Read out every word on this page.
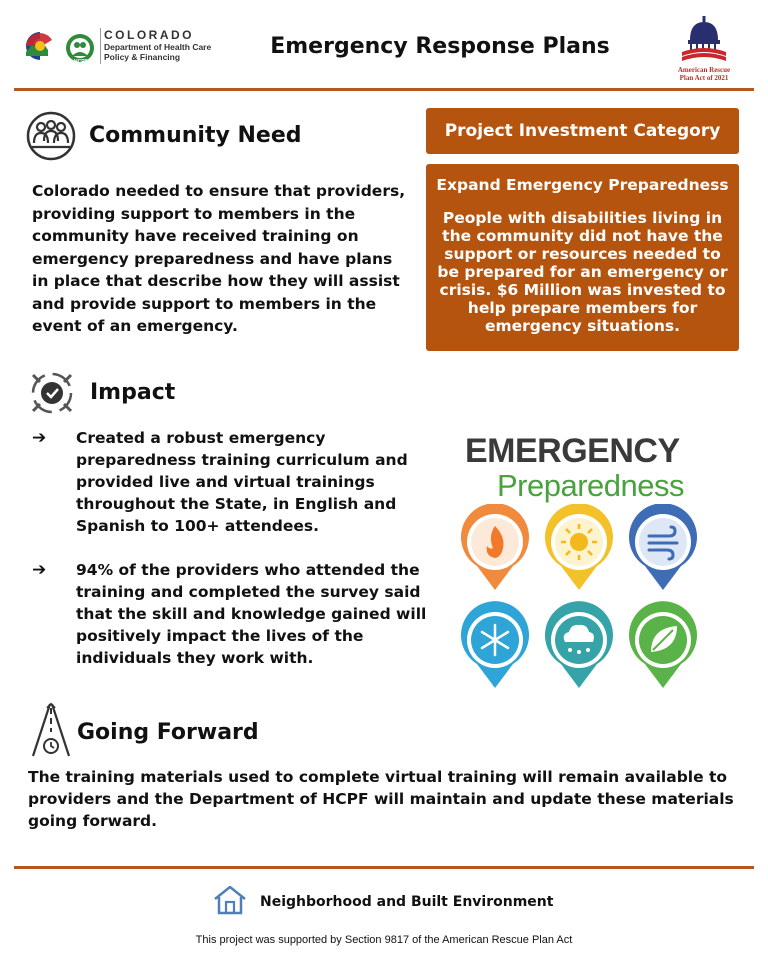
COLORADO
Department of Health Care
Policy & Financing
HCPF
Emergency Response Plans
American Rescue
Plan Act of 2021
Community Need
Colorado needed to ensure that providers, providing support to members in the community have received training on emergency preparedness and have plans in place that describe how they will assist and provide support to members in the event of an emergency.
Project Investment Category
Expand Emergency Preparedness
People with disabilities living in the community did not have the support or resources needed to be prepared for an emergency or crisis. $6 Million was invested to help prepare members for emergency situations.
Impact
➔ Created a robust emergency preparedness training curriculum and provided live and virtual trainings throughout the State, in English and Spanish to 100+ attendees.
➔ 94% of the providers who attended the training and completed the survey said that the skill and knowledge gained will positively impact the lives of the individuals they work with.
EMERGENCY
Preparedness
Going Forward
The training materials used to complete virtual training will remain available to providers and the Department of HCPF will maintain and update these materials going forward.
Neighborhood and Built Environment
This project was supported by Section 9817 of the American Rescue Plan Act
